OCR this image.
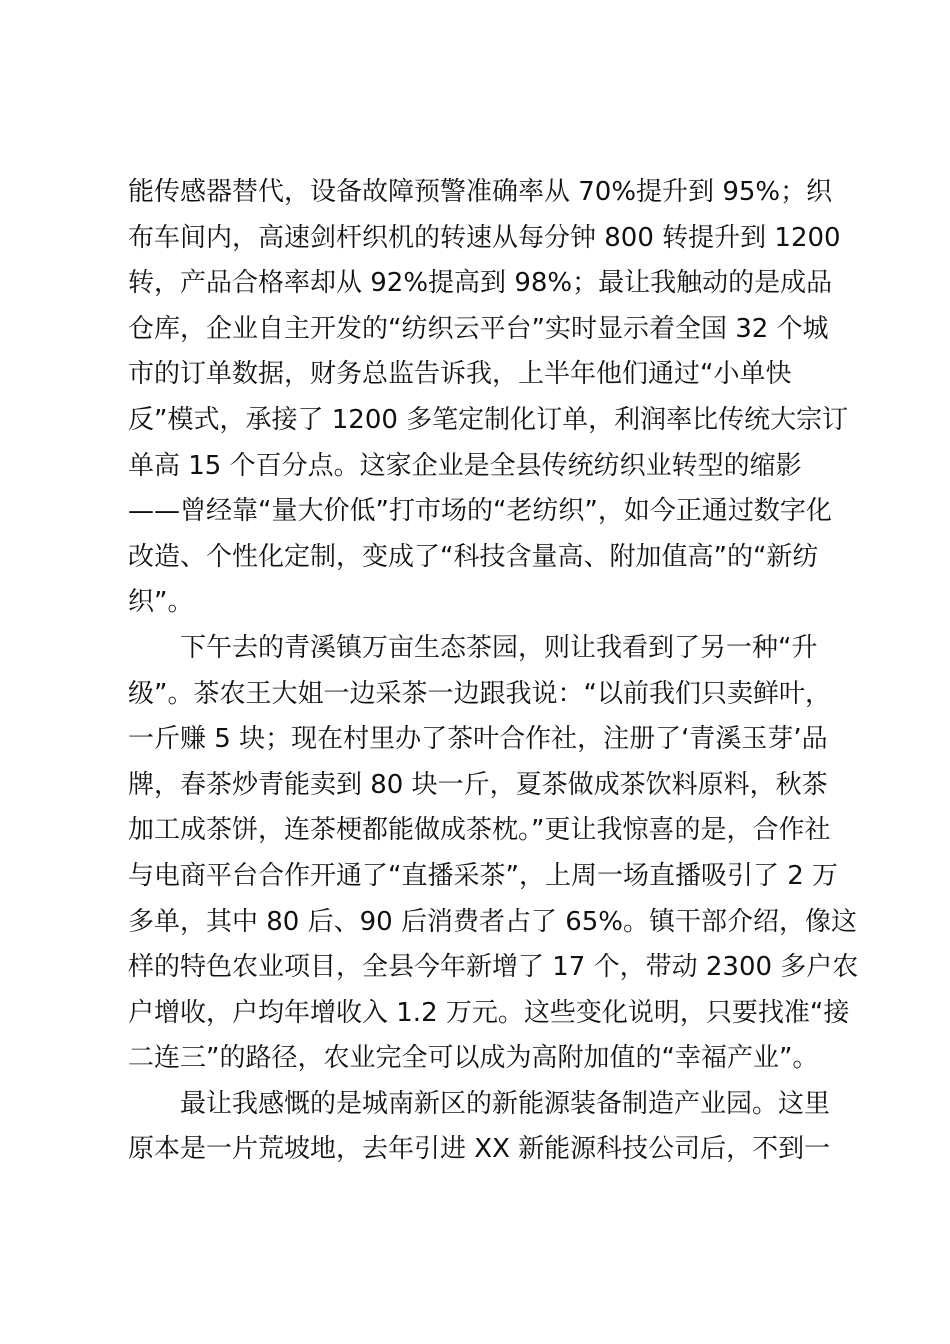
能传感器替代，设备故障预警准确率从 70%提升到 95%；织
布车间内，高速剑杆织机的转速从每分钟 800 转提升到 1200
转，产品合格率却从 92%提高到 98%；最让我触动的是成品
仓库，企业自主开发的“纺织云平台”实时显示着全国 32 个城
市的订单数据，财务总监告诉我，上半年他们通过“小单快
反”模式，承接了 1200 多笔定制化订单，利润率比传统大宗订
单高 15 个百分点。这家企业是全县传统纺织业转型的缩影
——曾经靠“量大价低”打市场的“老纺织”，如今正通过数字化
改造、个性化定制，变成了“科技含量高、附加值高”的“新纺
织”。
下午去的青溪镇万亩生态茶园，则让我看到了另一种“升
级”。茶农王大姐一边采茶一边跟我说：“以前我们只卖鲜叶，
一斤赚 5 块；现在村里办了茶叶合作社，注册了‘青溪玉芽’品
牌，春茶炒青能卖到 80 块一斤，夏茶做成茶饮料原料，秋茶
加工成茶饼，连茶梗都能做成茶枕。”更让我惊喜的是，合作社
与电商平台合作开通了“直播采茶”，上周一场直播吸引了 2 万
多单，其中 80 后、90 后消费者占了 65%。镇干部介绍，像这
样的特色农业项目，全县今年新增了 17 个，带动 2300 多户农
户增收，户均年增收入 1.2 万元。这些变化说明，只要找准“接
二连三”的路径，农业完全可以成为高附加值的“幸福产业”。
最让我感慨的是城南新区的新能源装备制造产业园。这里
原本是一片荒坡地，去年引进 XX 新能源科技公司后，不到一
